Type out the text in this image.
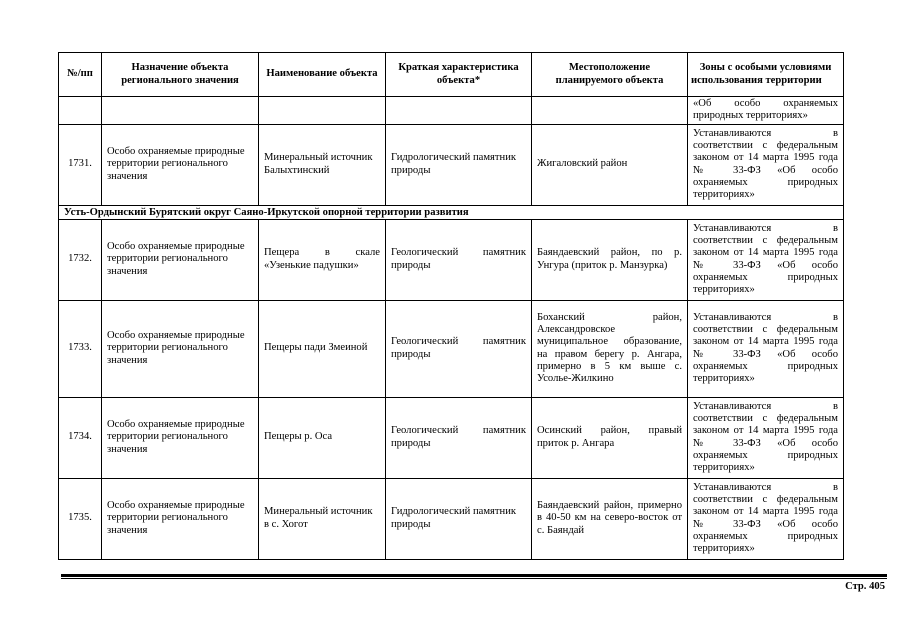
№/пп	Назначение объекта регионального значения	Наименование объекта	Краткая характеристика объекта*	Местоположение планируемого объекта	Зоны с особыми условиями использования территории
					«Об особо охраняемых природных территориях»
1731.	Особо охраняемые природные территории регионального значения	Минеральный источник Балыхтинский	Гидрологический памятник природы	Жигаловский район	Устанавливаются в соответствии с федеральным законом от 14 марта 1995 года № 33-ФЗ «Об особо охраняемых природных территориях»
Усть-Ордынский Бурятский округ Саяно-Иркутской опорной территории развития					
1732.	Особо охраняемые природные территории регионального значения	Пещера в скале «Узенькие падушки»	Геологический памятник природы	Баяндаевский район, по р. Унгура (приток р. Манзурка)	Устанавливаются в соответствии с федеральным законом от 14 марта 1995 года № 33-ФЗ «Об особо охраняемых природных территориях»
1733.	Особо охраняемые природные территории регионального значения	Пещеры пади Змеиной	Геологический памятник природы	Боханский район, Александровское муниципальное образование, на правом берегу р. Ангара, примерно в 5 км выше с. Усолье-Жилкино	Устанавливаются в соответствии с федеральным законом от 14 марта 1995 года № 33-ФЗ «Об особо охраняемых природных территориях»
1734.	Особо охраняемые природные территории регионального значения	Пещеры р. Оса	Геологический памятник природы	Осинский район, правый приток р. Ангара	Устанавливаются в соответствии с федеральным законом от 14 марта 1995 года № 33-ФЗ «Об особо охраняемых природных территориях»
1735.	Особо охраняемые природные территории регионального значения	Минеральный источник в с. Хогот	Гидрологический памятник природы	Баяндаевский район, примерно в 40-50 км на северо-восток от с. Баяндай	Устанавливаются в соответствии с федеральным законом от 14 марта 1995 года № 33-ФЗ «Об особо охраняемых природных территориях»
Стр. 405
